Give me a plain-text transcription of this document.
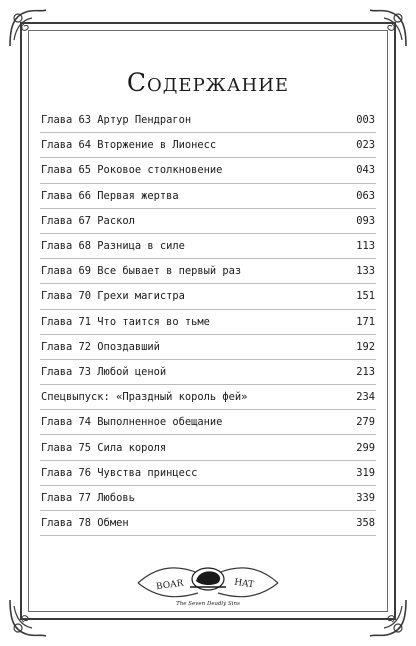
Содержание
Глава 63 Артур Пендрагон	003
Глава 64 Вторжение в Лионесс	023
Глава 65 Роковое столкновение	043
Глава 66 Первая жертва	063
Глава 67 Раскол	093
Глава 68 Разница в силе	113
Глава 69 Все бывает в первый раз	133
Глава 70 Грехи магистра	151
Глава 71 Что таится во тьме	171
Глава 72 Опоздавший	192
Глава 73 Любой ценой	213
Спецвыпуск: «Праздный король фей»	234
Глава 74 Выполненное обещание	279
Глава 75 Сила короля	299
Глава 76 Чувства принцесс	319
Глава 77 Любовь	339
Глава 78 Обмен	358
BOAR	HAT
The Seven Deadly Sins
